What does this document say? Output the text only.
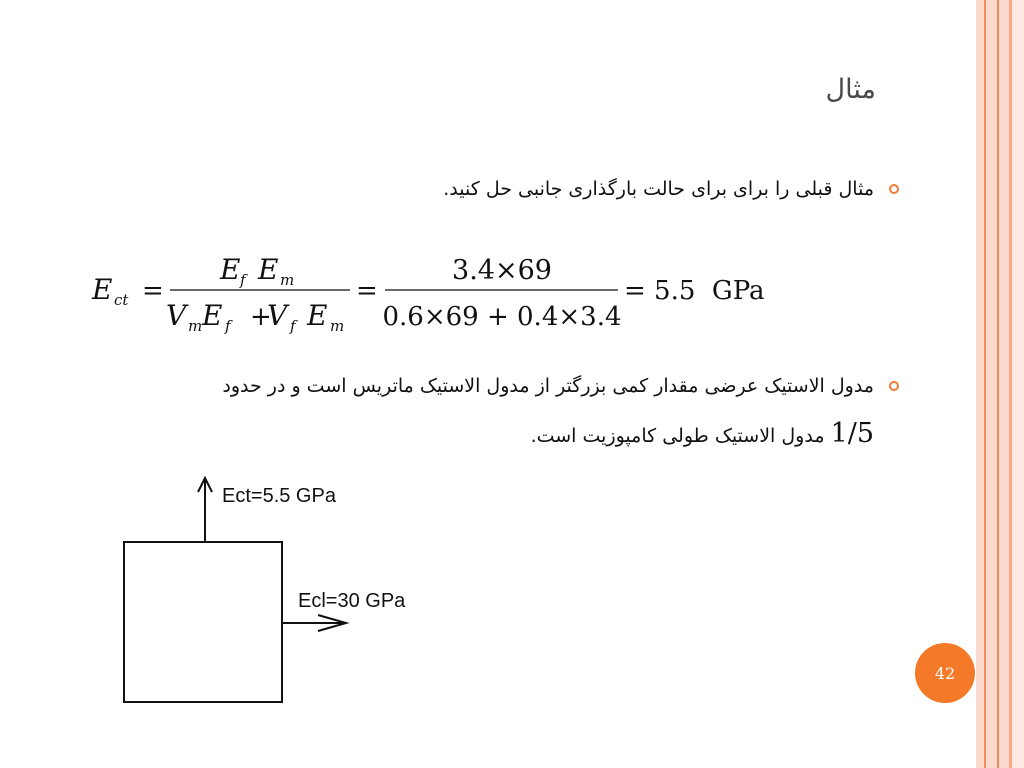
مثال
مثال قبلی را برای برای حالت بارگذاری جانبی حل کنید.
E ct =
E f E m
V m E f +
V f E m
=
3.4×69
0.6×69 + 0.4×3.4
= 5.5  GPa
مدول الاستیک عرضی مقدار کمی بزرگتر از مدول الاستیک ماتریس است و در حدود
1/5 مدول الاستیک طولی کامپوزیت است.
Ect=5.5 GPa
Ecl=30 GPa
42
